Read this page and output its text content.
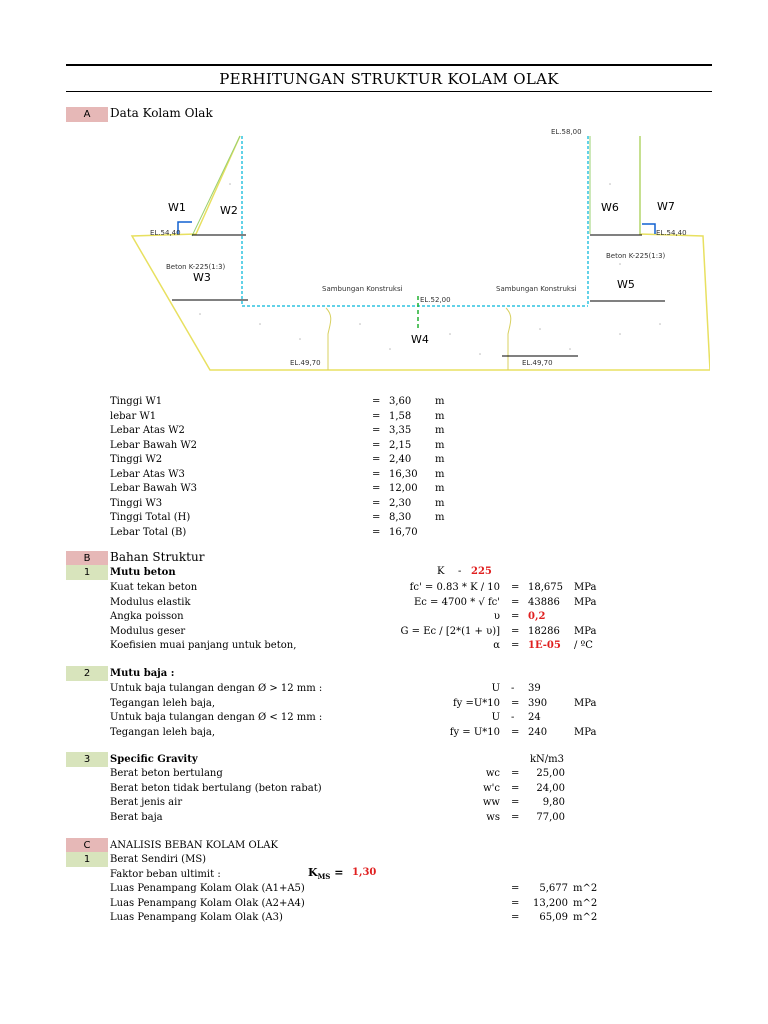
PERHITUNGAN STRUKTUR KOLAM OLAK
A	Data Kolam Olak
W1	W2
W3
W4
W5
W6	W7
EL.58,00
EL.54,40	EL.54,40
EL.52,00
EL.49,70	EL.49,70
Beton K-225(1:3)
Beton K-225(1:3)
Sambungan Konstruksi	Sambungan Konstruksi
Tinggi W1	= 3,60 m
lebar W1	= 1,58 m
Lebar Atas W2	= 3,35 m
Lebar Bawah W2	= 2,15 m
Tinggi W2	= 2,40 m
Lebar Atas W3	= 16,30 m
Lebar Bawah W3	= 12,00 m
Tinggi W3	= 2,30 m
Tinggi Total (H)	= 8,30 m
Lebar Total (B)	= 16,70
B	Bahan Struktur
1	Mutu beton	K - 225
Kuat tekan beton	fc' = 0.83 * K / 10 = 18,675 MPa
Modulus elastik	Ec = 4700 * √ fc' = 43886 MPa
Angka poisson	υ = 0,2
Modulus geser	G = Ec / [2*(1 + υ)] = 18286 MPa
Koefisien muai panjang untuk beton,	α = 1E-05 / ºC
2	Mutu baja :
Untuk baja tulangan dengan Ø > 12 mm :	U - 39
Tegangan leleh baja,	fy =U*10 = 390	MPa
Untuk baja tulangan dengan Ø < 12 mm :	U - 24
Tegangan leleh baja,	fy = U*10 = 240	MPa
3	Specific Gravity	kN/m3
Berat beton bertulang	wc = 25,00
Berat beton tidak bertulang (beton rabat)	w'c = 24,00
Berat jenis air	ww = 9,80
Berat baja	ws = 77,00
C	ANALISIS BEBAN KOLAM OLAK
1	Berat Sendiri (MS)
Faktor beban ultimit :	$K_{MS} = 1,30$
Luas Penampang Kolam Olak (A1+A5)	= 5,677 m^2
Luas Penampang Kolam Olak (A2+A4)	= 13,200 m^2
Luas Penampang Kolam Olak (A3)	= 65,09 m^2
